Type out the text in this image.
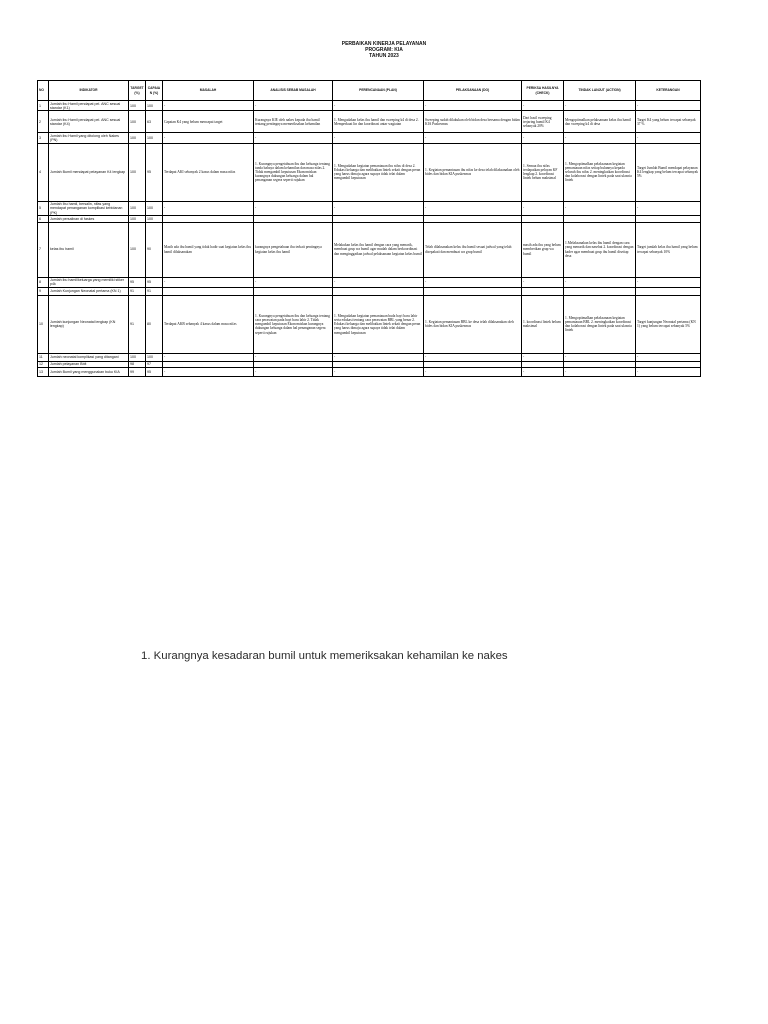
PERBAIKAN KINERJA PELAYANAN
PROGRAM: KIA
TAHUN 2023
NO	INDIKATOR	TARGET (%)	CAPAIAN (%)	MASALAH	ANALISIS SEBAB MASALAH	PERENCANAAN (PLAN)	PELAKSANAAN (DO)	PERIKSA HASILNYA (CHECK)	TINDAK LANJUT (ACTION)	KETERANGAN
1	Jumlah ibu Hamil pendapat pel. ANC sesuai standar (K1)	100	100	-	-	-	-	-	-	-
2	Jumlah ibu Hamil pendapat pel. ANC sesuai standar (K4)	100	63	Capaian K4 yang belum mencapai target	Kurangnya KIE oleh nakes kepada ibu hamil tentang pentingnya memeriksakan kehamilan	1. Mengadakan kelas ibu hamil dan sweeping k4 di desa 2. Memperkuat lin dan koordinasi antar wagiatan	Sweeping sudah dilakukan oleh bidan desa bersama dengan bidan KIA Puskesmas	Dari hasil sweeping terjaring bumil K4 sebanyak 20%	Mengoptimalkan pelaksanaan kelas ibu hamil dan sweeping k4 di desa	Target K4 yang belum tercapai sebanyak 37 %
3	Jumlah ibu Hamil yang ditolong oleh Nakes (PN)	100	100	-	-	-	-	-	-	-
4	Jumlah Bumil mendapat pelayanan K4 lengkap	100	95	Terdapat AKI sebanyak 2 kasus dalam masa nifas	1. Kurangnya pengetahuan ibu dan keluarga tentang tanda bahaya dalam kehamilan dan masa nifas 2. Tidak mengambil keputusan Ekonomiskan kurangnya dukungan keluarga dalam hal penanganan segera seperti rujukan	1. Mengadakan kegiatan pemantauan ibu nifas di desa 2. Edukasi keluarga dan melibatkan lintek sekait dengan peran yang harus dimaju agara supaya tidak telat dalam mengambil keputusan	1. Kegiatan pemantauan ibu nifas ke desa telah dilaksanakan oleh bides dan bidan KIA puskesmas	1. Semua ibu nifas terdapatkan pelayan KF lengkap 2. koordinasi lintek belum maksimal	1. Mengoptimalkan pelaksanaan kegiatan pemantauan nifas setiap bulannya kepada seluruh ibu nifas 2. meningkatkan koordinasi dan kolaborasi dengan lintek pada saat ulasnia lintek	Target Jumlah Bumil mendapat pelayanan K4 lengkap yang belum tercapai sebanyak 5%
5	Jumlah Ibu hamil, bersalin, nifas yang mendapat penanganan komplikasi kebidanan (PK)	100	100	-	-	-	-	-	-	-
6	Jumlah persalinan di faskes	100	100							
7	kelas ibu hamil	100	90	Masih ada ibu hamil yang tidak hadir saat kegiatan kelas ibu hamil dilaksanakan	kurangnya pengetahuan ibu terkait pentingnya kegiatan kelas ibu hamil	Melakukan kelas ibu hamil dengan cara yang menarik, membuat grup wa bumil agar mudah dalam berkoordinasi dan menginggatkan jadwal pelaksanaan kegiatan kelas bumil	Telah dilaksanakan kelas ibu hamil sesuai jadwal yang telah disepakati dan membuat wa grup bumil	masih ada ibu yang belum memberikan grup wa bumil	1.Melaksanakan kelas ibu hamil dengan cara yang menarik dan nasehat 2. koordinasi dengan kader agar membuat grup ibu hamil disetiap desa	Target jumlah kelas ibu hamil yang belum tercapai sebanyak 10%
8	Jumlah ibu hamil/keluarga yang memiliki stiker p4k	95	95	-	-	-	-	-	-	-
9	Jumlah Kunjungan Neonatal pertama (KN 1)	91	91							
10	Jumlah kunjungan Neonatal lengkap (KN lengkap)	91	80	Terdapat AKB sebanyak 4 kasus dalam masa nifas	1. Kurangnya pengetahuan ibu dan keluarga tentang cara perawatan pada bayi baru lahir 2. Tidak mengambil keputusan Ekonomiskan kurangnya dukungan keluarga dalam hal penanganan segera seperti rujukan	1. Mengadakan kegiatan pemantauan buda bayi baru lahir serta edukasi tentang cara perawatan BBL yang benar 2. Edukasi keluarga dan melibatkan lintek sekait dengan peran yang harus dimaju agara supaya tidak telat dalam mengambil keputusan	1. Kegiatan pemantauan BBL ke desa telah dilaksanakan oleh bides dan bidan KIA puskesmas	1. koordinasi lintek belum maksimal	1. Mengoptimalkan pelaksanaan kegiatan pemantauan BBL 2. meningkatkan koordinasi dan kolaborasi dengan lintek pada saat ulasnia lintek	Target kunjungan Neonatal pertama (KN 1) yang belum tercapai sebanyak 5%
11	Jumlah neonatal komplikasi yang ditangani	100	100	-	-	-	-	-	-	-
12	Jumlah pelayanan Bblt	98	97							
13	Jumlah Bumil yang menggunakan buku KIA	99	95	-	-	-	-	-	-	-
1. Kurangnya kesadaran bumil untuk memeriksakan kehamilan ke nakes
